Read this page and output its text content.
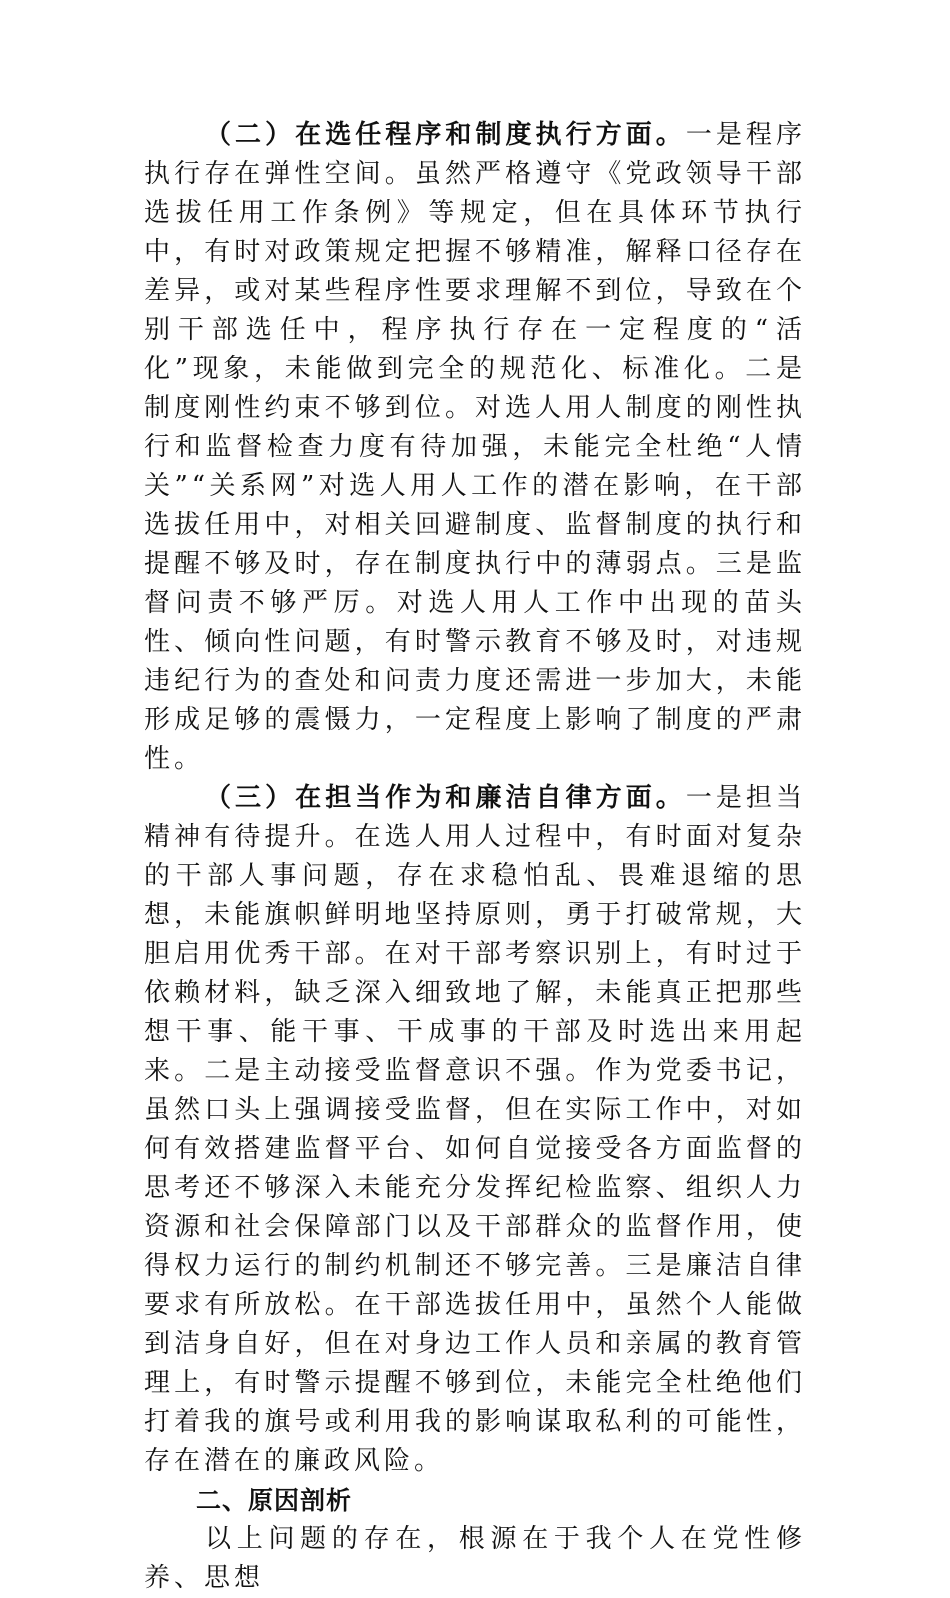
（二）在选任程序和制度执行方面。一是程序执行存在弹性空间。虽然严格遵守《党政领导干部选拔任用工作条例》等规定，但在具体环节执行中，有时对政策规定把握不够精准，解释口径存在差异，或对某些程序性要求理解不到位，导致在个别干部选任中，程序执行存在一定程度的“活化”现象，未能做到完全的规范化、标准化。二是制度刚性约束不够到位。对选人用人制度的刚性执行和监督检查力度有待加强，未能完全杜绝“人情关”“关系网”对选人用人工作的潜在影响，在干部选拔任用中，对相关回避制度、监督制度的执行和提醒不够及时，存在制度执行中的薄弱点。三是监督问责不够严厉。对选人用人工作中出现的苗头性、倾向性问题，有时警示教育不够及时，对违规违纪行为的查处和问责力度还需进一步加大，未能形成足够的震慑力，一定程度上影响了制度的严肃性。

（三）在担当作为和廉洁自律方面。一是担当精神有待提升。在选人用人过程中，有时面对复杂的干部人事问题，存在求稳怕乱、畏难退缩的思想，未能旗帜鲜明地坚持原则，勇于打破常规，大胆启用优秀干部。在对干部考察识别上，有时过于依赖材料，缺乏深入细致地了解，未能真正把那些想干事、能干事、干成事的干部及时选出来用起来。二是主动接受监督意识不强。作为党委书记，虽然口头上强调接受监督，但在实际工作中，对如何有效搭建监督平台、如何自觉接受各方面监督的思考还不够深入未能充分发挥纪检监察、组织人力资源和社会保障部门以及干部群众的监督作用，使得权力运行的制约机制还不够完善。三是廉洁自律要求有所放松。在干部选拔任用中，虽然个人能做到洁身自好，但在对身边工作人员和亲属的教育管理上，有时警示提醒不够到位，未能完全杜绝他们打着我的旗号或利用我的影响谋取私利的可能性，存在潜在的廉政风险。

二、原因剖析

以上问题的存在，根源在于我个人在党性修养、思想
